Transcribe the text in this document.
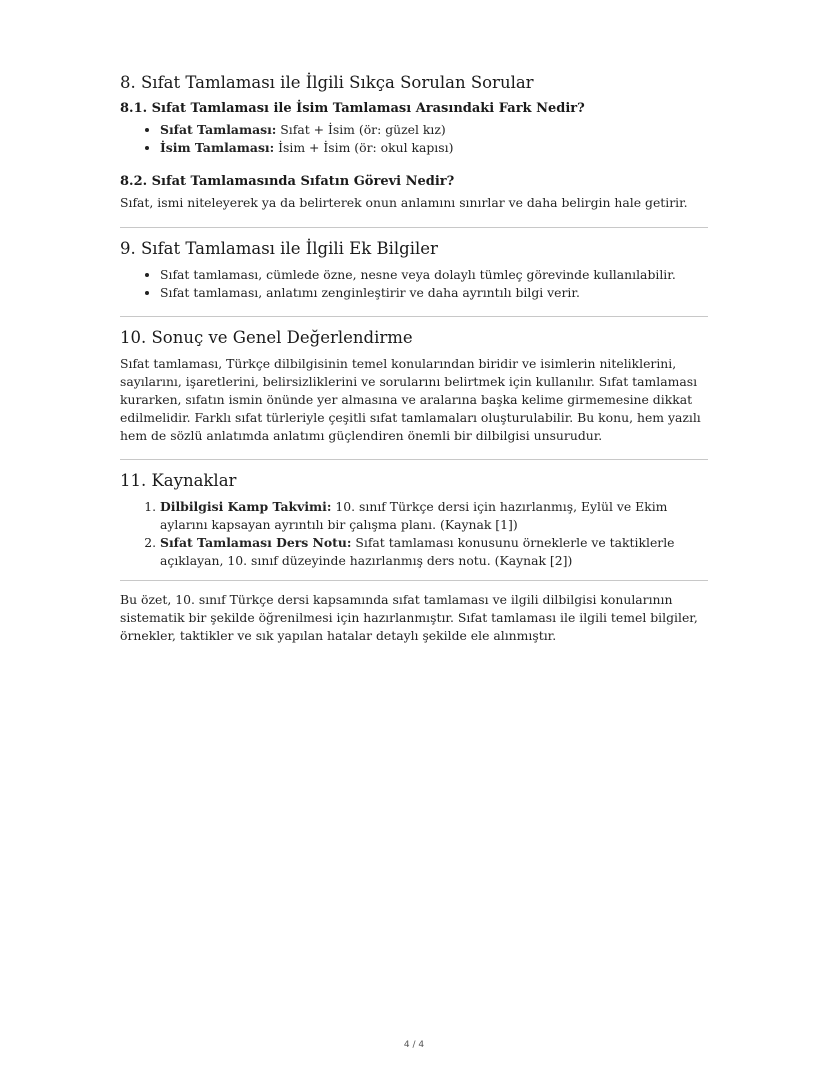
8. Sıfat Tamlaması ile İlgili Sıkça Sorulan Sorular
8.1. Sıfat Tamlaması ile İsim Tamlaması Arasındaki Fark Nedir?
• Sıfat Tamlaması: Sıfat + İsim (ör: güzel kız)
• İsim Tamlaması: İsim + İsim (ör: okul kapısı)
8.2. Sıfat Tamlamasında Sıfatın Görevi Nedir?

Sıfat, ismi niteleyerek ya da belirterek onun anlamını sınırlar ve daha belirgin hale getirir.

9. Sıfat Tamlaması ile İlgili Ek Bilgiler
• Sıfat tamlaması, cümlede özne, nesne veya dolaylı tümleç görevinde kullanılabilir.
• Sıfat tamlaması, anlatımı zenginleştirir ve daha ayrıntılı bilgi verir.
10. Sonuç ve Genel Değerlendirme

Sıfat tamlaması, Türkçe dilbilgisinin temel konularından biridir ve isimlerin niteliklerini, sayılarını, işaretlerini, belirsizliklerini ve sorularını belirtmek için kullanılır. Sıfat tamlaması kurarken, sıfatın ismin önünde yer almasına ve aralarına başka kelime girmemesine dikkat edilmelidir. Farklı sıfat türleriyle çeşitli sıfat tamlamaları oluşturulabilir. Bu konu, hem yazılı hem de sözlü anlatımda anlatımı güçlendiren önemli bir dilbilgisi unsurudur.

11. Kaynaklar
1. Dilbilgisi Kamp Takvimi: 10. sınıf Türkçe dersi için hazırlanmış, Eylül ve Ekim aylarını kapsayan ayrıntılı bir çalışma planı. (Kaynak [1])
2. Sıfat Tamlaması Ders Notu: Sıfat tamlaması konusunu örneklerle ve taktiklerle açıklayan, 10. sınıf düzeyinde hazırlanmış ders notu. (Kaynak [2])

Bu özet, 10. sınıf Türkçe dersi kapsamında sıfat tamlaması ve ilgili dilbilgisi konularının sistematik bir şekilde öğrenilmesi için hazırlanmıştır. Sıfat tamlaması ile ilgili temel bilgiler, örnekler, taktikler ve sık yapılan hatalar detaylı şekilde ele alınmıştır.

4 / 4
